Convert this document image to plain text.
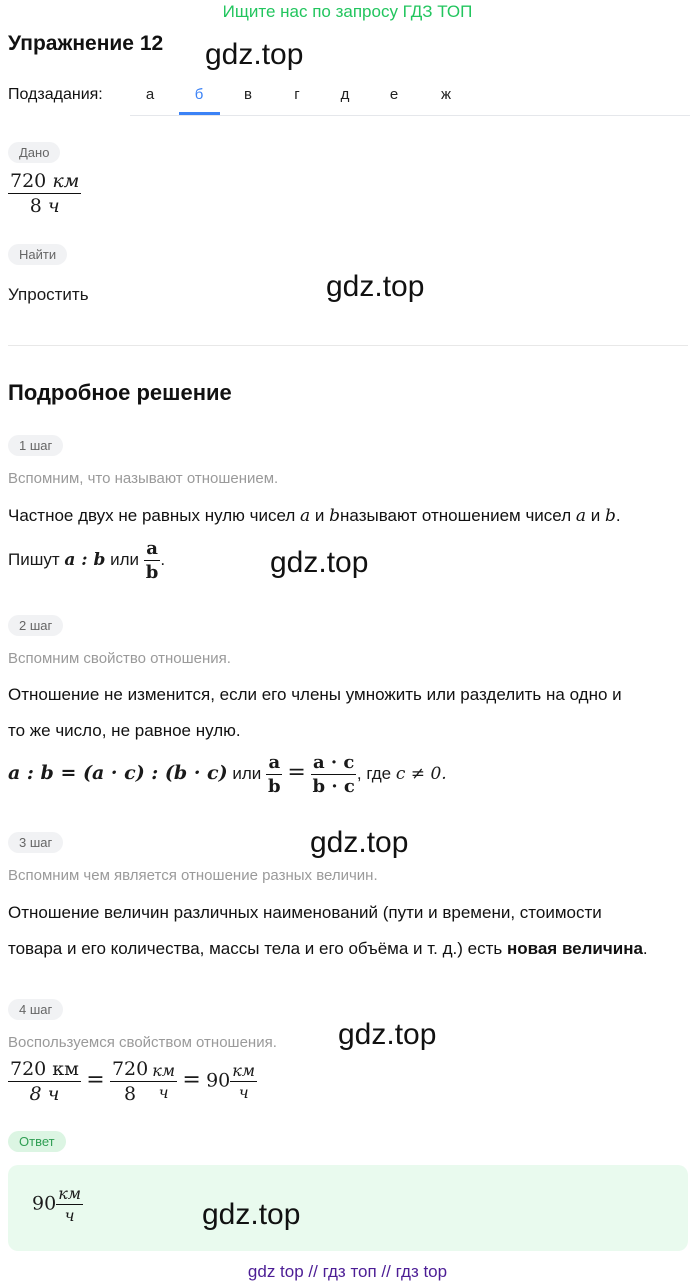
Ищите нас по запросу ГДЗ ТОП
Упражнение 12 gdz.top
Подзадания:	а	б	в	г	д	е	ж
Дано
$\frac{720 км}{8 ч}$
Найти
Упростить	gdz.top
Подробное решение
1 шаг
Вспомним, что называют отношением.
Частное двух не равных нулю чисел a и bназывают отношением чисел a и b.
Пишут a : b или $\frac{a}{b}$ .	gdz.top
2 шаг
Вспомним свойство отношения.
Отношение не изменится, если его члены умножить или разделить на одно и
то же число, не равное нулю.
a : b = (a · c) : (b · c) или $\frac{a}{b} = \frac{a \cdot c}{b \cdot c}$ , где c ≠ 0.
gdz.top
3 шаг
Вспомним чем является отношение разных величин.
Отношение величин различных наименований (пути и времени, стоимости
товара и его количества, массы тела и его объёма и т. д.) есть новая величина.
4 шаг
Воспользуемся свойством отношения. gdz.top
$\frac{720 км}{8 ч} = \frac{720}{8} \frac{км}{ч} = 90 \frac{км}{ч}$
Ответ
$90 \frac{км}{ч}$	gdz.top
gdz top // гдз топ // гдз top
